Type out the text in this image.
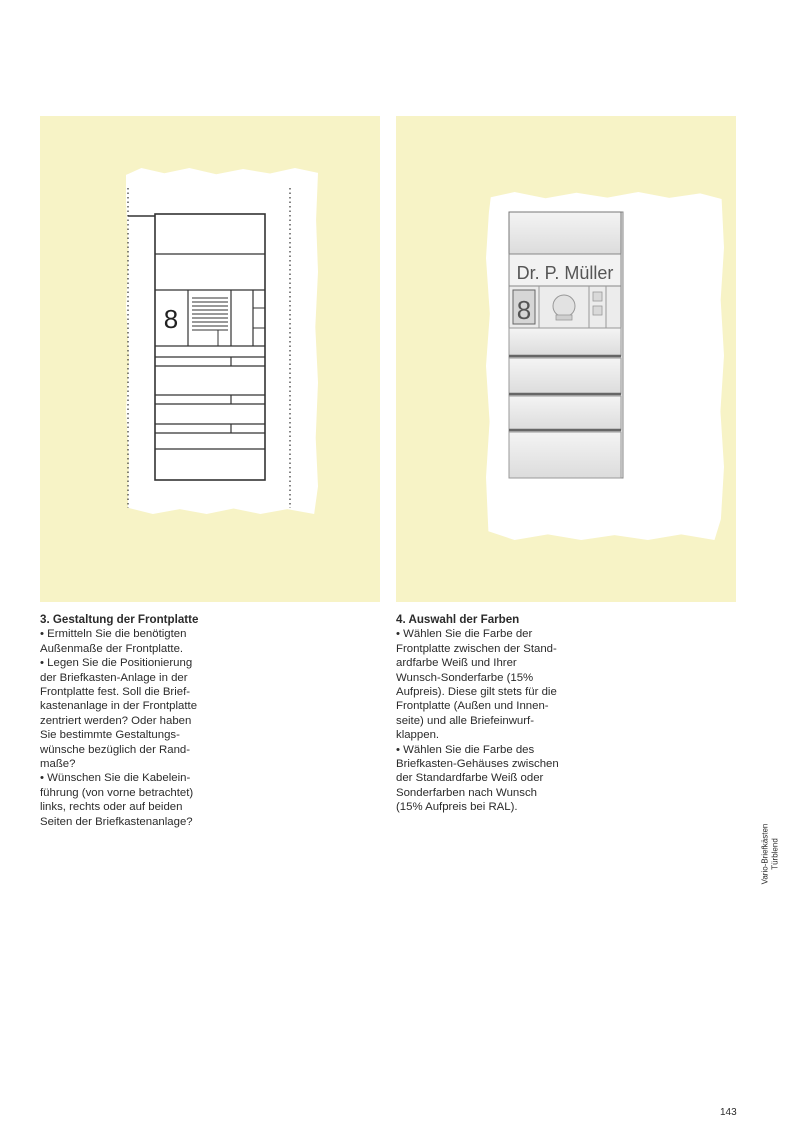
8
Dr. P. Müller
8

3. Gestaltung der Frontplatte

• Ermitteln Sie die benötigten

Außenmaße der Frontplatte.

• Legen Sie die Positionierung

der Briefkasten-Anlage in der

Frontplatte fest. Soll die Brief-

kastenanlage in der Frontplatte

zentriert werden? Oder haben

Sie bestimmte Gestaltungs-

wünsche bezüglich der Rand-

maße?

• Wünschen Sie die Kabelein-

führung (von vorne betrachtet)

links, rechts oder auf beiden

Seiten der Briefkastenanlage?

4. Auswahl der Farben

• Wählen Sie die Farbe der

Frontplatte zwischen der Stand-

ardfarbe Weiß und Ihrer

Wunsch-Sonderfarbe (15%

Aufpreis). Diese gilt stets für die

Frontplatte (Außen und Innen-

seite) und alle Briefeinwurf-

klappen.

• Wählen Sie die Farbe des

Briefkasten-Gehäuses zwischen

der Standardfarbe Weiß oder

Sonderfarben nach Wunsch

(15% Aufpreis bei RAL).

Vario-Briefkästen Türblend
143
